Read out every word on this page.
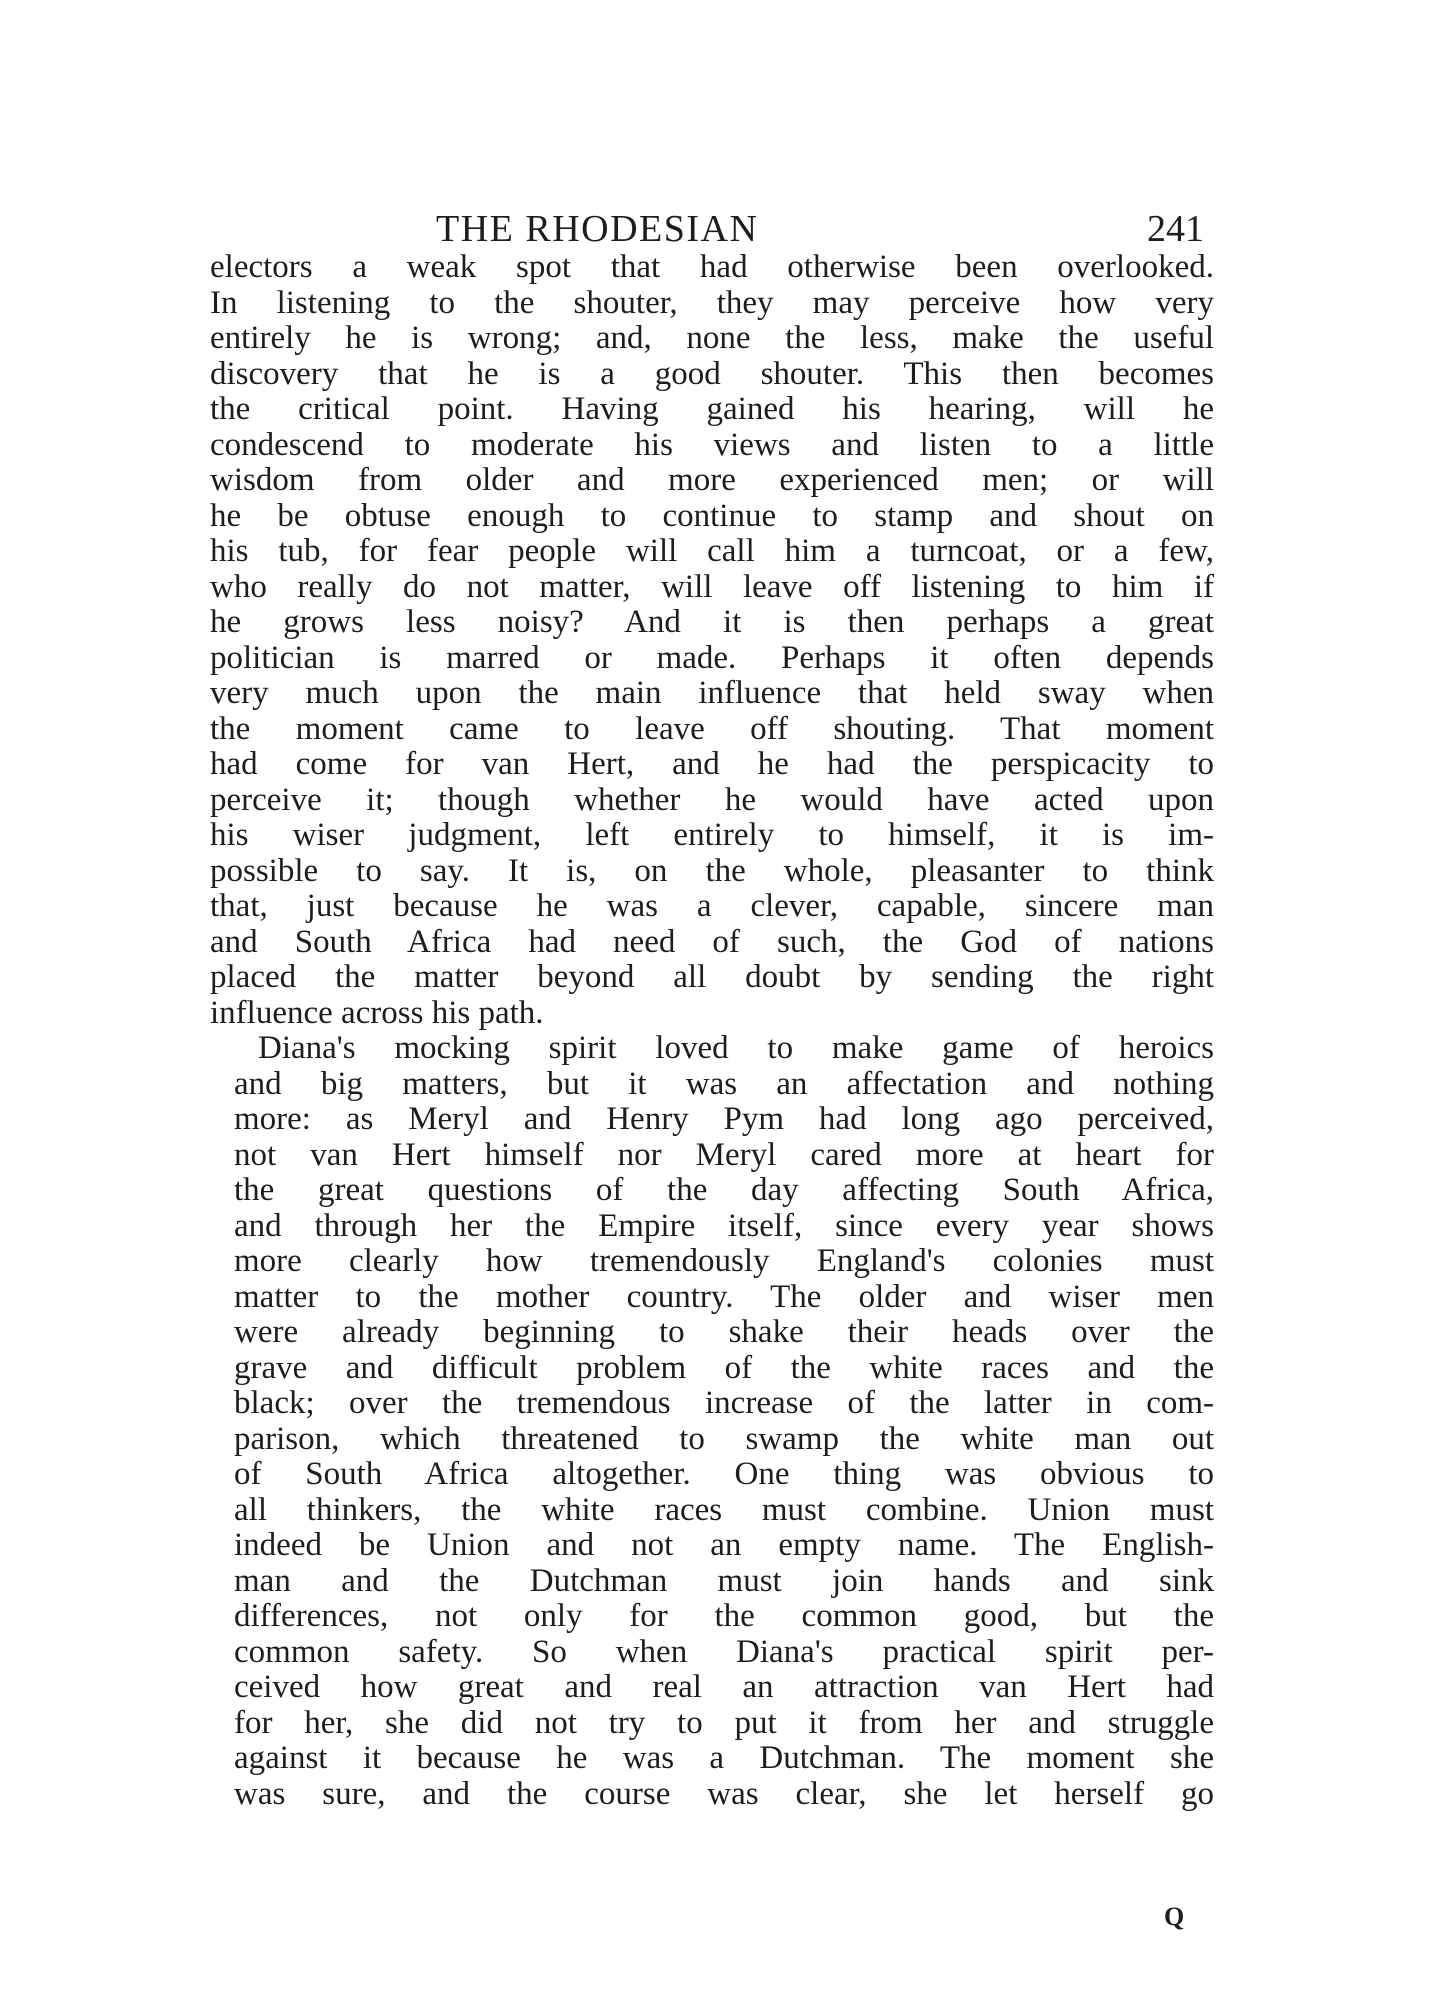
THE RHODESIAN	241

electors a weak spot that had otherwise been overlooked.
In listening to the shouter, they may perceive how very
entirely he is wrong; and, none the less, make the useful
discovery that he is a good shouter. This then becomes
the critical point. Having gained his hearing, will he
condescend to moderate his views and listen to a little
wisdom from older and more experienced men; or will
he be obtuse enough to continue to stamp and shout on
his tub, for fear people will call him a turncoat, or a few,
who really do not matter, will leave off listening to him if
he grows less noisy? And it is then perhaps a great
politician is marred or made. Perhaps it often depends
very much upon the main influence that held sway when
the moment came to leave off shouting. That moment
had come for van Hert, and he had the perspicacity to
perceive it; though whether he would have acted upon
his wiser judgment, left entirely to himself, it is im-
possible to say. It is, on the whole, pleasanter to think
that, just because he was a clever, capable, sincere man
and South Africa had need of such, the God of nations
placed the matter beyond all doubt by sending the right
influence across his path.

Diana's mocking spirit loved to make game of heroics
and big matters, but it was an affectation and nothing
more: as Meryl and Henry Pym had long ago perceived,
not van Hert himself nor Meryl cared more at heart for
the great questions of the day affecting South Africa,
and through her the Empire itself, since every year shows
more clearly how tremendously England's colonies must
matter to the mother country. The older and wiser men
were already beginning to shake their heads over the
grave and difficult problem of the white races and the
black; over the tremendous increase of the latter in com-
parison, which threatened to swamp the white man out
of South Africa altogether. One thing was obvious to
all thinkers, the white races must combine. Union must
indeed be Union and not an empty name. The English-
man and the Dutchman must join hands and sink
differences, not only for the common good, but the
common safety. So when Diana's practical spirit per-
ceived how great and real an attraction van Hert had
for her, she did not try to put it from her and struggle
against it because he was a Dutchman. The moment she
was sure, and the course was clear, she let herself go

Q
